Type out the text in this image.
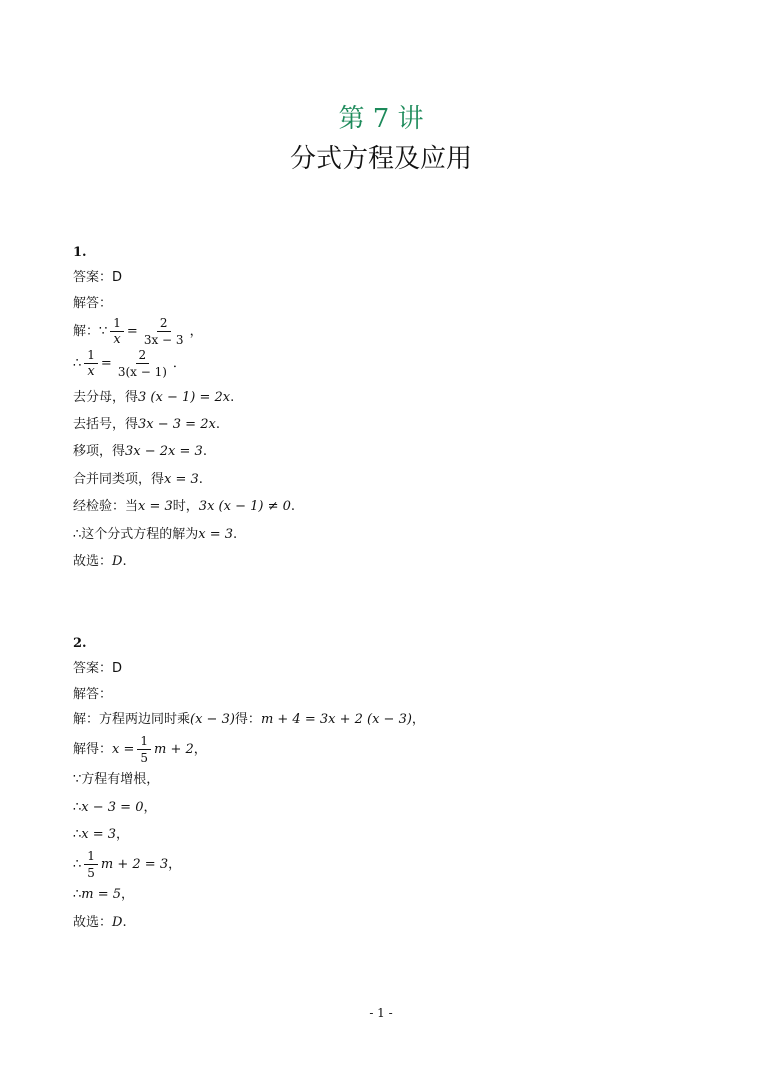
第 7 讲
分式方程及应用
1.
答案：D
解答：
解：∵ $\frac{1}{x} = \frac{2}{3x - 3}$ ，
∴ $\frac{1}{x} = \frac{2}{3(x - 1)}$ ．
去分母，得 3 (x − 1) = 2x .
去括号，得 3x − 3 = 2x .
移项，得 3x − 2x = 3 .
合并同类项，得 x = 3 .
经检验：当 x = 3 时， 3x (x − 1) ≠ 0 .
∴这个分式方程的解为 x = 3 .
故选： D .
2.
答案：D
解答：
解：方程两边同时乘 (x − 3) 得： m + 4 = 3x + 2 (x − 3) ，
解得： $x = \frac{1}{5}$ m + 2 ，
∵方程有增根，
∴ x − 3 = 0 ，
∴ x = 3 ，
∴ $\frac{1}{5}$ m + 2 = 3 ，
∴ m = 5 ，
故选： D .
- 1 -
